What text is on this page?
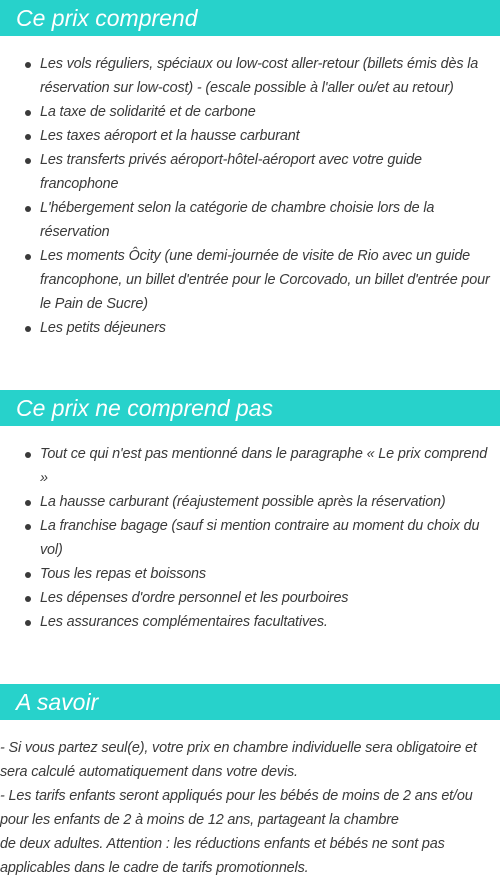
Ce prix comprend
Les vols réguliers, spéciaux ou low-cost aller-retour (billets émis dès la réservation sur low-cost) - (escale possible à l'aller ou/et au retour)
La taxe de solidarité et de carbone
Les taxes aéroport et la hausse carburant
Les transferts privés aéroport-hôtel-aéroport avec votre guide francophone
L'hébergement selon la catégorie de chambre choisie lors de la réservation
Les moments Ôcity (une demi-journée de visite de Rio avec un guide francophone, un billet d'entrée pour le Corcovado, un billet d'entrée pour le Pain de Sucre)
Les petits déjeuners
Ce prix ne comprend pas
Tout ce qui n'est pas mentionné dans le paragraphe « Le prix comprend »
La hausse carburant (réajustement possible après la réservation)
La franchise bagage (sauf si mention contraire au moment du choix du vol)
Tous les repas et boissons
Les dépenses d'ordre personnel et les pourboires
Les assurances complémentaires facultatives.
A savoir

- Si vous partez seul(e), votre prix en chambre individuelle sera obligatoire et sera calculé automatiquement dans votre devis.

- Les tarifs enfants seront appliqués pour les bébés de moins de 2 ans et/ou pour les enfants de 2 à moins de 12 ans, partageant la chambre

de deux adultes. Attention : les réductions enfants et bébés ne sont pas applicables dans le cadre de tarifs promotionnels.
